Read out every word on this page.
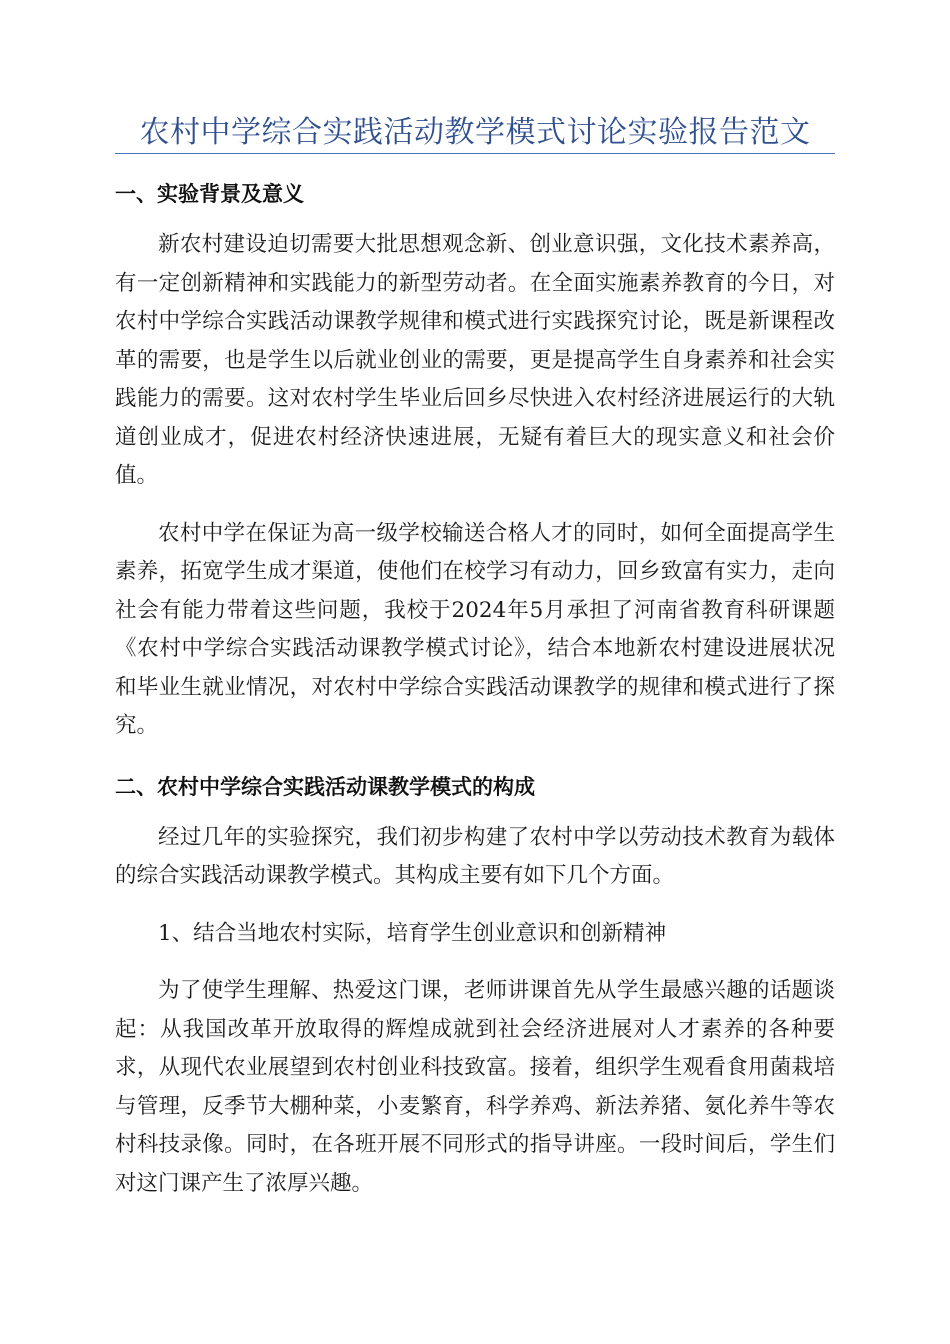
农村中学综合实践活动教学模式讨论实验报告范文
一、实验背景及意义

新农村建设迫切需要大批思想观念新、创业意识强，文化技术素养高，有一定创新精神和实践能力的新型劳动者。在全面实施素养教育的今日，对农村中学综合实践活动课教学规律和模式进行实践探究讨论，既是新课程改革的需要，也是学生以后就业创业的需要，更是提高学生自身素养和社会实践能力的需要。这对农村学生毕业后回乡尽快进入农村经济进展运行的大轨道创业成才，促进农村经济快速进展，无疑有着巨大的现实意义和社会价值。

农村中学在保证为高一级学校输送合格人才的同时，如何全面提高学生素养，拓宽学生成才渠道，使他们在校学习有动力，回乡致富有实力，走向社会有能力带着这些问题，我校于2024年5月承担了河南省教育科研课题《农村中学综合实践活动课教学模式讨论》，结合本地新农村建设进展状况和毕业生就业情况，对农村中学综合实践活动课教学的规律和模式进行了探究。

二、农村中学综合实践活动课教学模式的构成

经过几年的实验探究，我们初步构建了农村中学以劳动技术教育为载体的综合实践活动课教学模式。其构成主要有如下几个方面。

1、结合当地农村实际，培育学生创业意识和创新精神

为了使学生理解、热爱这门课，老师讲课首先从学生最感兴趣的话题谈起：从我国改革开放取得的辉煌成就到社会经济进展对人才素养的各种要求，从现代农业展望到农村创业科技致富。接着，组织学生观看食用菌栽培与管理，反季节大棚种菜，小麦繁育，科学养鸡、新法养猪、氨化养牛等农村科技录像。同时，在各班开展不同形式的指导讲座。一段时间后，学生们对这门课产生了浓厚兴趣。
